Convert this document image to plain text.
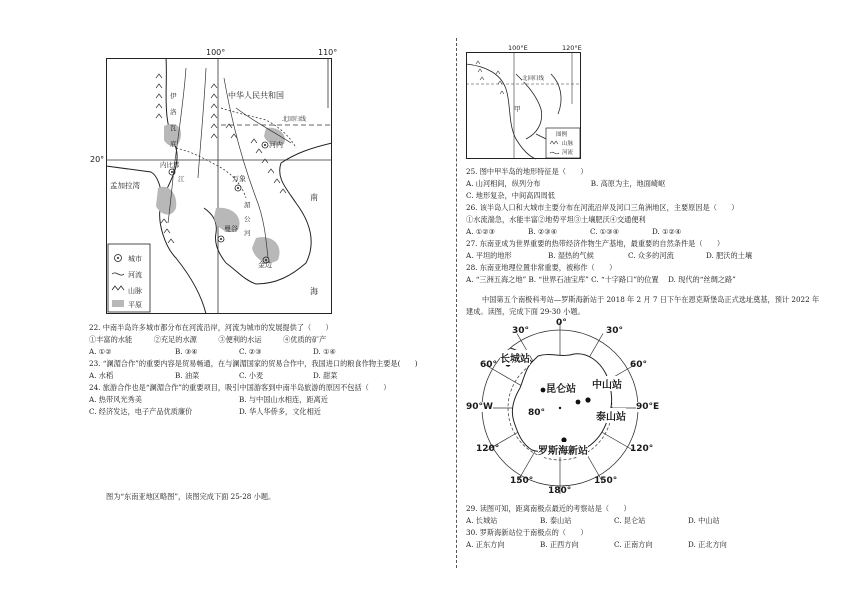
100°	110°
20°
中华人民共和国
北回归线
孟加拉湾
南
海
河内
万象
曼谷
金边
内比都
江
伊 洛 瓦 底
湄 公 河
城市
河流
山脉
平原
22. 中南半岛许多城市都分布在河流沿岸，河流为城市的发展提供了（　　）
①丰富的水能　　　②充足的水源　　　③便利的水运　　　④优质的矿产
A. ①②	B. ③④	C. ②③	D. ①④
23. “澜湄合作”的重要内容是贸易畅通，在与澜湄国家的贸易合作中，我国进口的粮食作物主要是(　　)
A. 水稻	B. 油菜	C. 小麦	D. 甜菜
24. 旅游合作也是“澜湄合作”的重要项目，吸引中国游客到中南半岛旅游的原因不包括（　　）
A. 热带风光秀美	B. 与中国山水相连，距离近
C. 经济发达，电子产品优质廉价	D. 华人华侨多，文化相近
图为“东南亚地区略图”，读图完成下面 25-28 小题。
100°E	120°E
北回归线
甲
图例
山脉
河流
25. 图中甲半岛的地形特征是（　　）
A. 山河相间，纵列分布　　　　　　　B. 高原为主，地面崎岖
C. 地形复杂，中间高四周低
26. 该半岛人口和大城市主要分布在河流沿岸及河口三角洲地区，主要原因是（　　）
①水流湍急，水能丰富②地势平坦③土壤肥沃④交通便利
A. ①②③	B. ②③④	C. ①③④	D. ①②④
27. 东南亚成为世界重要的热带经济作物生产基地，最重要的自然条件是（　　）
A. 平坦的地形	B. 湿热的气候	C. 众多的河流	D. 肥沃的土壤
28. 东南亚地理位置非常重要，被称作（　　）
A. “三洲五海之地” B. “世界石油宝库” C. “十字路口”的位置　 D. 现代的“丝绸之路”
中国第五个南极科考站—罗斯海新站于 2018 年 2 月 7 日下午在恩克斯堡岛正式选址奠基，预计 2022 年
建成。读图，完成下面 29-30 小题。
30°
0°
30°
60°	60°
90°W	90°E
80°
120°	120°
150°	150°
180°
长城站
昆仑站 中山站
泰山站
罗斯海新站
29. 读图可知，距离南极点最近的考察站是（　　）
A. 长城站	B. 泰山站	C. 昆仑站	D. 中山站
30. 罗斯海新站位于南极点的（　　）
A. 正东方向	B. 正西方向	C. 正南方向	D. 正北方向
